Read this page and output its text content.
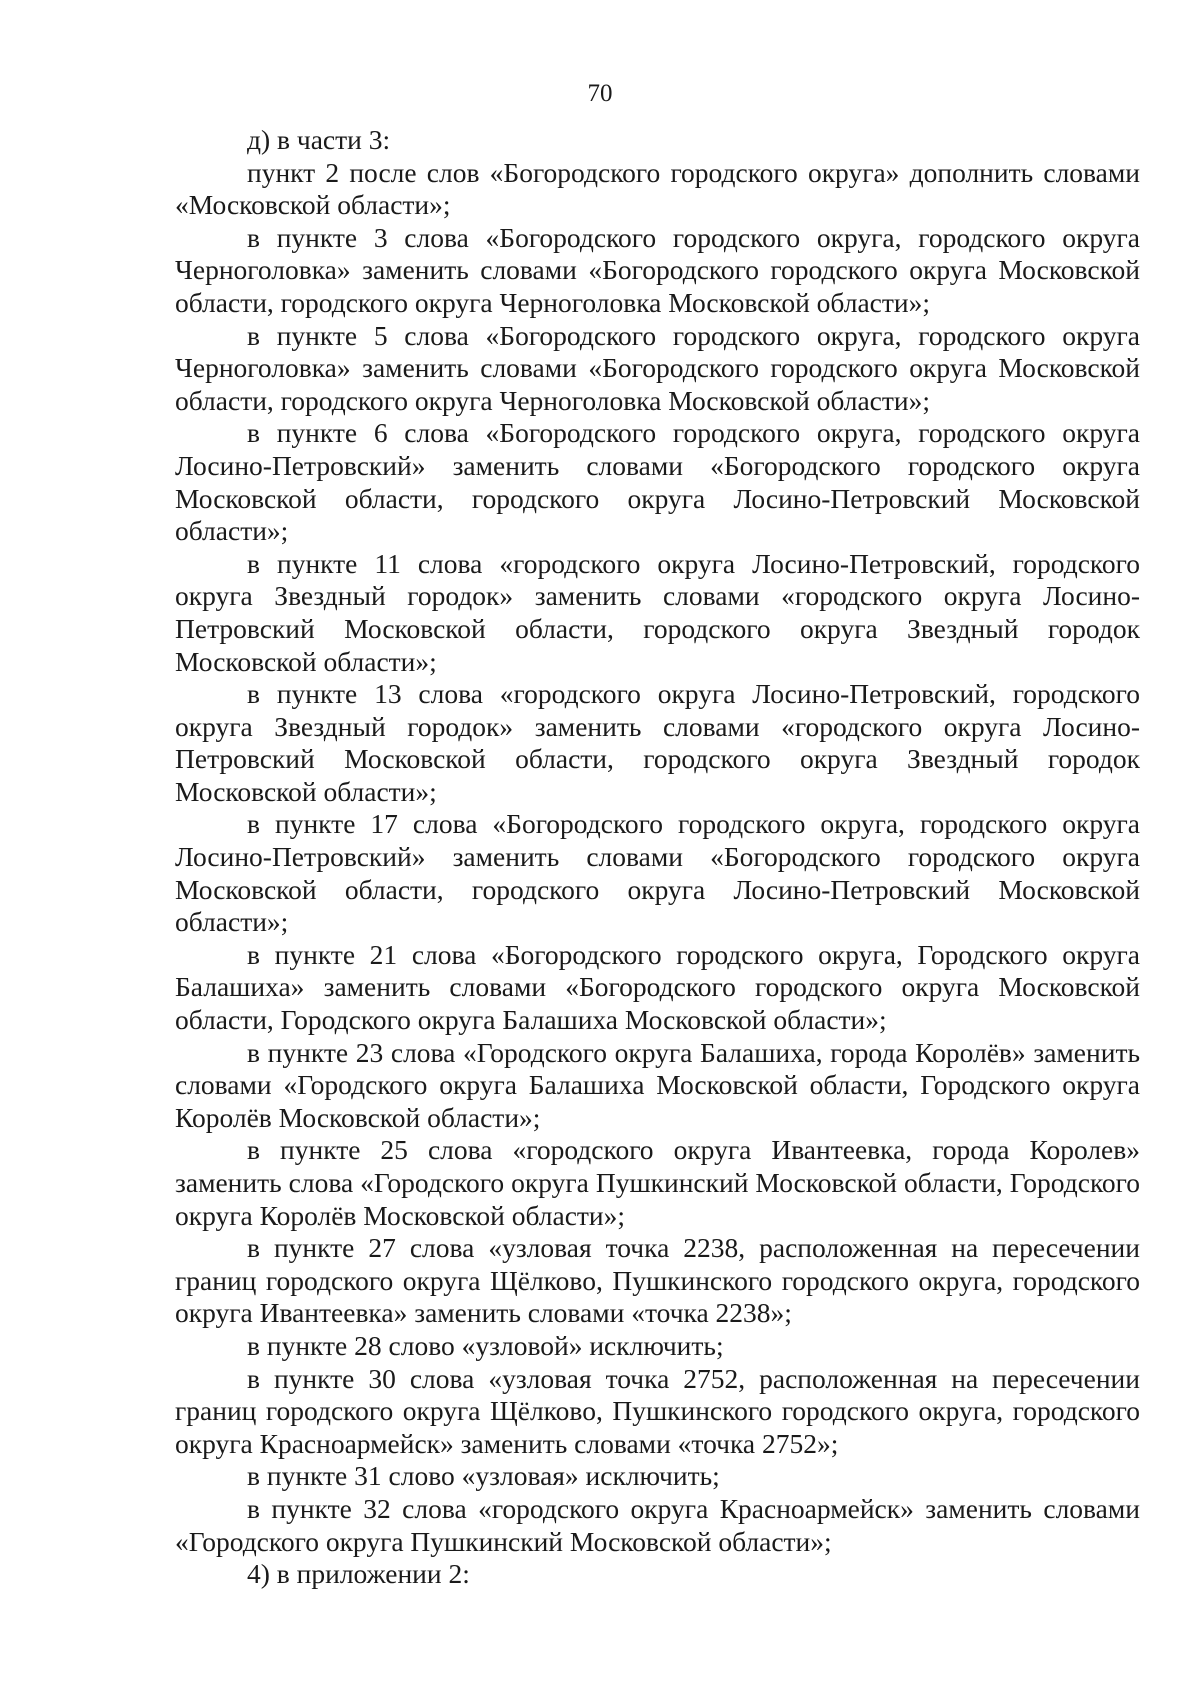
70

д) в части 3:

пункт 2 после слов «Богородского городского округа» дополнить словами «Московской области»;

в пункте 3 слова «Богородского городского округа, городского округа Черноголовка» заменить словами «Богородского городского округа Московской области, городского округа Черноголовка Московской области»;

в пункте 5 слова «Богородского городского округа, городского округа Черноголовка» заменить словами «Богородского городского округа Московской области, городского округа Черноголовка Московской области»;

в пункте 6 слова «Богородского городского округа, городского округа Лосино-Петровский» заменить словами «Богородского городского округа Московской области, городского округа Лосино-Петровский Московской области»;

в пункте 11 слова «городского округа Лосино-Петровский, городского округа Звездный городок» заменить словами «городского округа Лосино-Петровский Московской области, городского округа Звездный городок Московской области»;

в пункте 13 слова «городского округа Лосино-Петровский, городского округа Звездный городок» заменить словами «городского округа Лосино-Петровский Московской области, городского округа Звездный городок Московской области»;

в пункте 17 слова «Богородского городского округа, городского округа Лосино-Петровский» заменить словами «Богородского городского округа Московской области, городского округа Лосино-Петровский Московской области»;

в пункте 21 слова «Богородского городского округа, Городского округа Балашиха» заменить словами «Богородского городского округа Московской области, Городского округа Балашиха Московской области»;

в пункте 23 слова «Городского округа Балашиха, города Королёв» заменить словами «Городского округа Балашиха Московской области, Городского округа Королёв Московской области»;

в пункте 25 слова «городского округа Ивантеевка, города Королев» заменить слова «Городского округа Пушкинский Московской области, Городского округа Королёв Московской области»;

в пункте 27 слова «узловая точка 2238, расположенная на пересечении границ городского округа Щёлково, Пушкинского городского округа, городского округа Ивантеевка» заменить словами «точка 2238»;

в пункте 28 слово «узловой» исключить;

в пункте 30 слова «узловая точка 2752, расположенная на пересечении границ городского округа Щёлково, Пушкинского городского округа, городского округа Красноармейск» заменить словами «точка 2752»;

в пункте 31 слово «узловая» исключить;

в пункте 32 слова «городского округа Красноармейск» заменить словами «Городского округа Пушкинский Московской области»;

4) в приложении 2:
